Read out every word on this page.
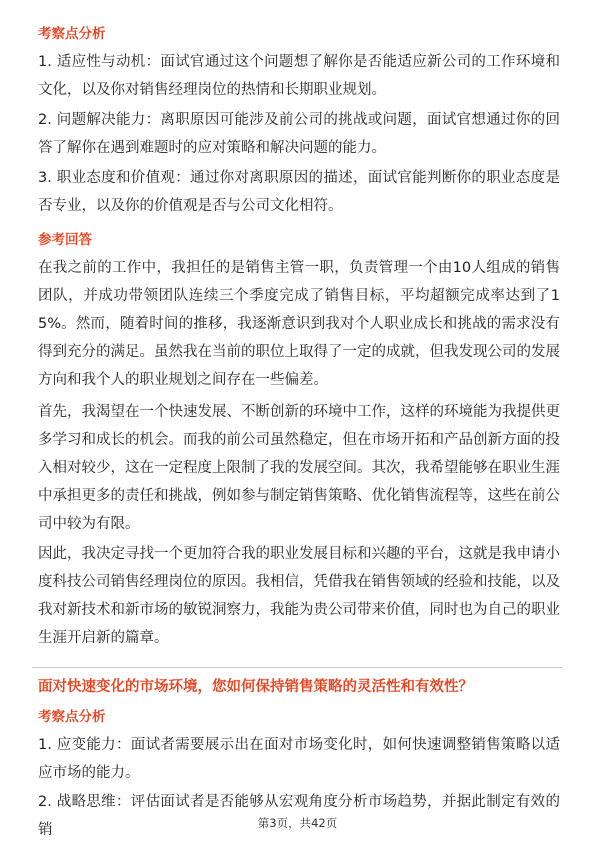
考察点分析

1. 适应性与动机：面试官通过这个问题想了解你是否能适应新公司的工作环境和文化，以及你对销售经理岗位的热情和长期职业规划。

2. 问题解决能力：离职原因可能涉及前公司的挑战或问题，面试官想通过你的回答了解你在遇到难题时的应对策略和解决问题的能力。

3. 职业态度和价值观：通过你对离职原因的描述，面试官能判断你的职业态度是否专业，以及你的价值观是否与公司文化相符。

参考回答

在我之前的工作中，我担任的是销售主管一职，负责管理一个由10人组成的销售团队，并成功带领团队连续三个季度完成了销售目标，平均超额完成率达到了15%。然而，随着时间的推移，我逐渐意识到我对个人职业成长和挑战的需求没有得到充分的满足。虽然我在当前的职位上取得了一定的成就，但我发现公司的发展方向和我个人的职业规划之间存在一些偏差。

首先，我渴望在一个快速发展、不断创新的环境中工作，这样的环境能为我提供更多学习和成长的机会。而我的前公司虽然稳定，但在市场开拓和产品创新方面的投入相对较少，这在一定程度上限制了我的发展空间。其次，我希望能够在职业生涯中承担更多的责任和挑战，例如参与制定销售策略、优化销售流程等，这些在前公司中较为有限。

因此，我决定寻找一个更加符合我的职业发展目标和兴趣的平台，这就是我申请小度科技公司销售经理岗位的原因。我相信，凭借我在销售领域的经验和技能，以及我对新技术和新市场的敏锐洞察力，我能为贵公司带来价值，同时也为自己的职业生涯开启新的篇章。

面对快速变化的市场环境，您如何保持销售策略的灵活性和有效性？
考察点分析

1. 应变能力：面试者需要展示出在面对市场变化时，如何快速调整销售策略以适应市场的能力。

2. 战略思维：评估面试者是否能够从宏观角度分析市场趋势，并据此制定有效的销	第3页，共42页
